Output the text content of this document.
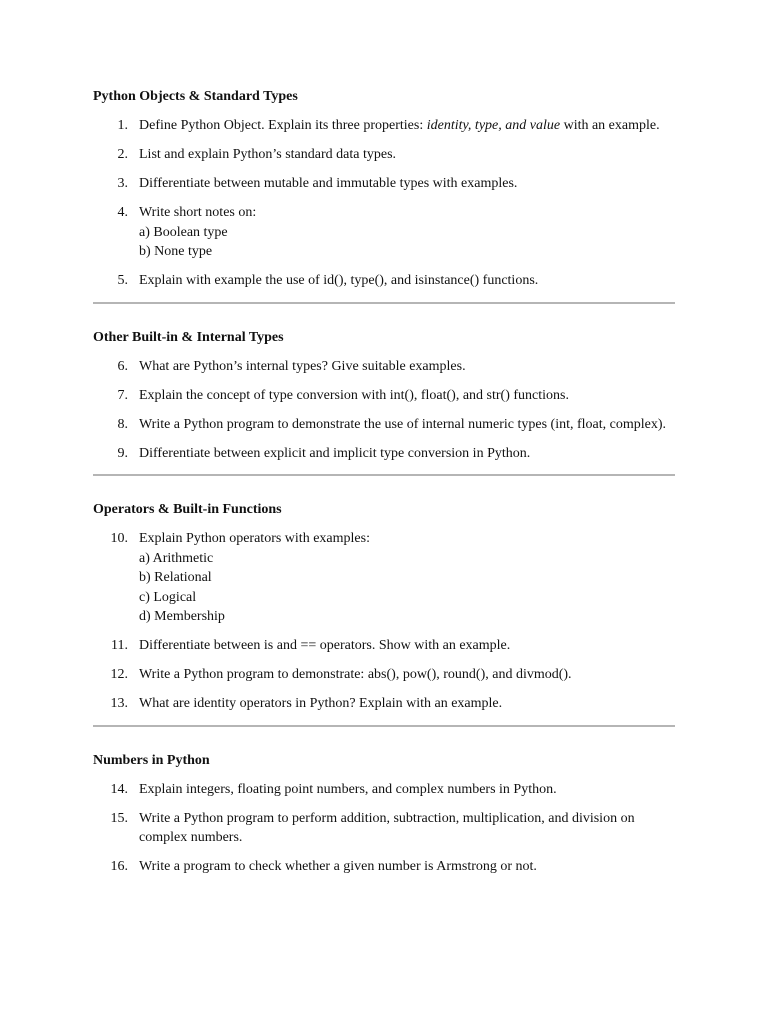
Python Objects & Standard Types
1. Define Python Object. Explain its three properties: identity, type, and value with an example.
2. List and explain Python’s standard data types.
3. Differentiate between mutable and immutable types with examples.
4. Write short notes on:
a) Boolean type
b) None type
5. Explain with example the use of id(), type(), and isinstance() functions.
Other Built-in & Internal Types
6. What are Python’s internal types? Give suitable examples.
7. Explain the concept of type conversion with int(), float(), and str() functions.
8. Write a Python program to demonstrate the use of internal numeric types (int, float, complex).
9. Differentiate between explicit and implicit type conversion in Python.
Operators & Built-in Functions
10. Explain Python operators with examples:
a) Arithmetic
b) Relational
c) Logical
d) Membership
11. Differentiate between is and == operators. Show with an example.
12. Write a Python program to demonstrate: abs(), pow(), round(), and divmod().
13. What are identity operators in Python? Explain with an example.
Numbers in Python
14. Explain integers, floating point numbers, and complex numbers in Python.
15. Write a Python program to perform addition, subtraction, multiplication, and division on complex numbers.
16. Write a program to check whether a given number is Armstrong or not.
